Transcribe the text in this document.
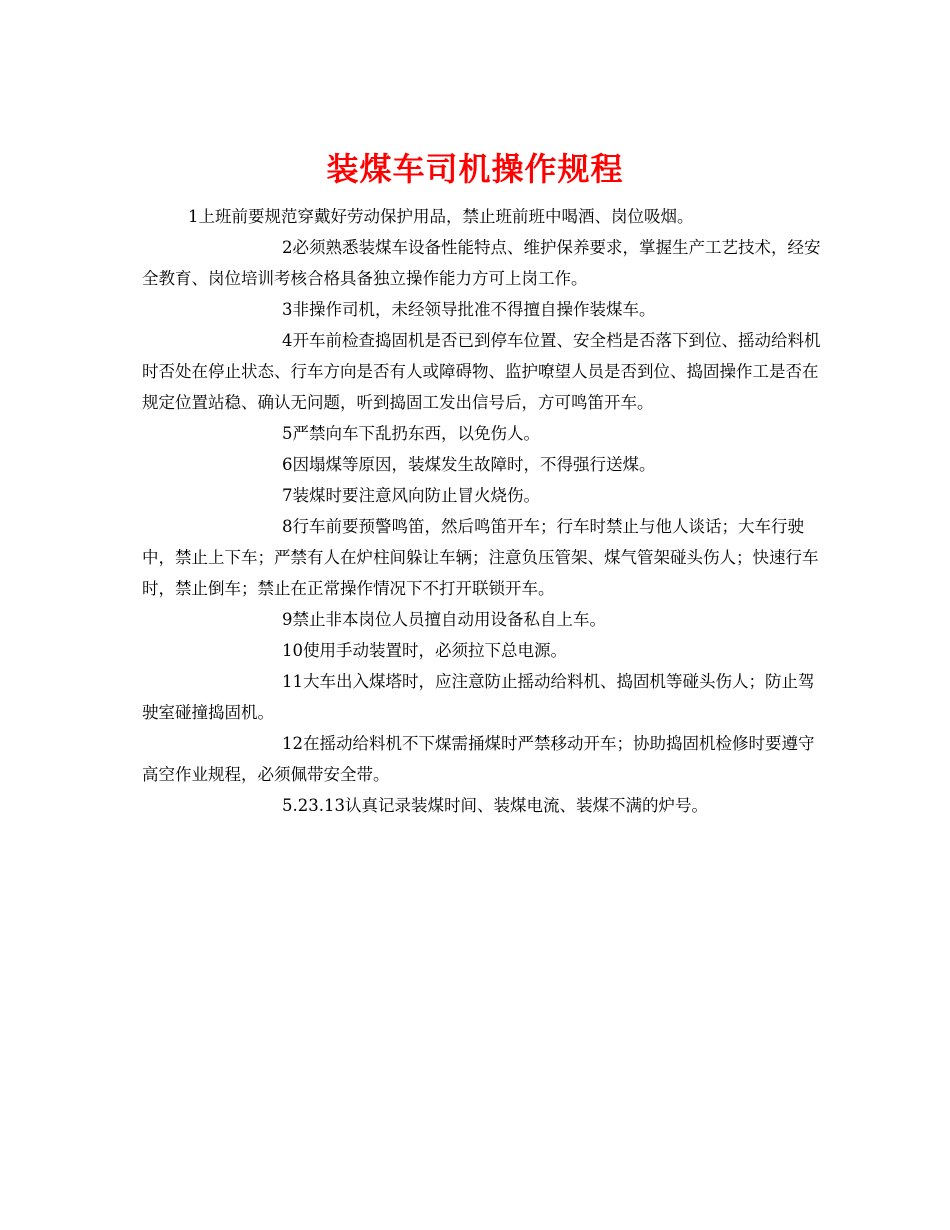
装煤车司机操作规程

1上班前要规范穿戴好劳动保护用品，禁止班前班中喝酒、岗位吸烟。

2必须熟悉装煤车设备性能特点、维护保养要求，掌握生产工艺技术，经安全教育、岗位培训考核合格具备独立操作能力方可上岗工作。

3非操作司机，未经领导批准不得擅自操作装煤车。

4开车前检查捣固机是否已到停车位置、安全档是否落下到位、摇动给料机时否处在停止状态、行车方向是否有人或障碍物、监护嘹望人员是否到位、捣固操作工是否在规定位置站稳、确认无问题，听到捣固工发出信号后，方可鸣笛开车。

5严禁向车下乱扔东西，以免伤人。

6因塌煤等原因，装煤发生故障时，不得强行送煤。

7装煤时要注意风向防止冒火烧伤。

8行车前要预警鸣笛，然后鸣笛开车；行车时禁止与他人谈话；大车行驶中，禁止上下车；严禁有人在炉柱间躲让车辆；注意负压管架、煤气管架碰头伤人；快速行车时，禁止倒车；禁止在正常操作情况下不打开联锁开车。

9禁止非本岗位人员擅自动用设备私自上车。

10使用手动装置时，必须拉下总电源。

11大车出入煤塔时，应注意防止摇动给料机、捣固机等碰头伤人；防止驾驶室碰撞捣固机。

12在摇动给料机不下煤需捅煤时严禁移动开车；协助捣固机检修时要遵守高空作业规程，必须佩带安全带。

5.23.13认真记录装煤时间、装煤电流、装煤不满的炉号。
